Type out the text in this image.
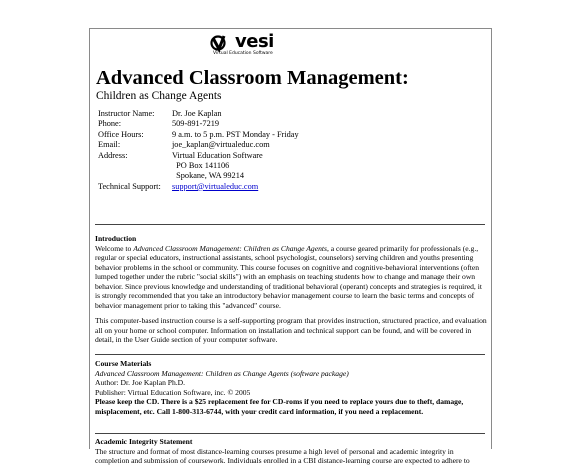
vesi
Virtual Education Software
Advanced Classroom Management:
Children as Change Agents
Instructor Name: Dr. Joe Kaplan
Phone:	509-891-7219
Office Hours:	9 a.m. to 5 p.m. PST Monday - Friday
Email:	joe_kaplan@virtualeduc.com
Address:	Virtual Education Software
PO Box 141106
Spokane, WA 99214
Technical Support: support@virtualeduc.com
Introduction

Welcome to Advanced Classroom Management: Children as Change Agents, a course geared primarily for professionals (e.g., regular or special educators, instructional assistants, school psychologist, counselors) serving children and youths presenting behavior problems in the school or community. This course focuses on cognitive and cognitive-behavioral interventions (often lumped together under the rubric "social skills") with an emphasis on teaching students how to change and manage their own behavior. Since previous knowledge and understanding of traditional behavioral (operant) concepts and strategies is required, it is strongly recommended that you take an introductory behavior management course to learn the basic terms and concepts of behavior management prior to taking this "advanced" course.

This computer-based instruction course is a self-supporting program that provides instruction, structured practice, and evaluation all on your home or school computer. Information on installation and technical support can be found, and will be covered in detail, in the User Guide section of your computer software.

Course Materials
Advanced Classroom Management: Children as Change Agents (software package)
Author: Dr. Joe Kaplan Ph.D.
Publisher: Virtual Education Software, inc. © 2005
Please keep the CD. There is a $25 replacement fee for CD-roms if you need to replace yours due to theft, damage, misplacement, etc. Call 1-800-313-6744, with your credit card information, if you need a replacement.
Academic Integrity Statement
The structure and format of most distance-learning courses presume a high level of personal and academic integrity in completion and submission of coursework. Individuals enrolled in a CBI distance-learning course are expected to adhere to
